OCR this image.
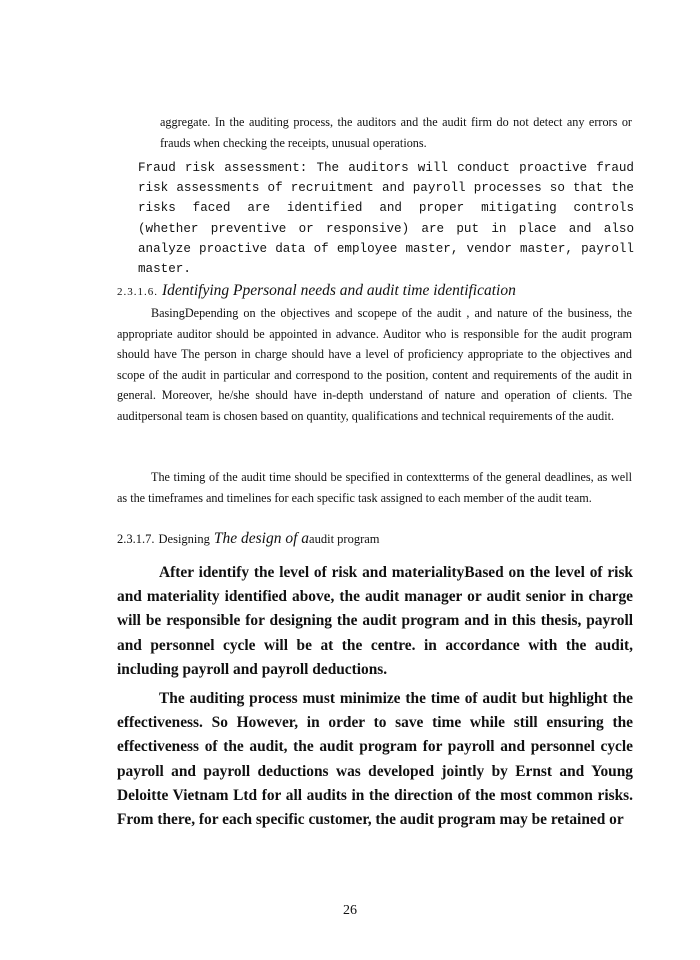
aggregate. In the auditing process, the auditors and the audit firm do not detect any errors or frauds when checking the receipts, unusual operations.

Fraud risk assessment: The auditors will conduct proactive fraud risk assessments of recruitment and payroll processes so that the risks faced are identified and proper mitigating controls (whether preventive or responsive) are put in place and also analyze proactive data of employee master, vendor master, payroll master.

2.3.1.6. Identifying Ppersonal needs and audit time identification

BasingDepending on the objectives and scopepe of the audit , and nature of the business, the appropriate auditor should be appointed in advance. Auditor who is responsible for the audit program should have The person in charge should have a level of proficiency appropriate to the objectives and scope of the audit in particular and correspond to the position, content and requirements of the audit in general. Moreover, he/she should have in-depth understand of nature and operation of clients. The auditpersonal team is chosen based on quantity, qualifications and technical requirements of the audit.

The timing of the audit time should be specified in contextterms of the general deadlines, as well as the timeframes and timelines for each specific task assigned to each member of the audit team.

2.3.1.7. Designing The design of aaudit program

After identify the level of risk and materialityBased on the level of risk and materiality identified above, the audit manager or audit senior in charge will be responsible for designing the audit program and in this thesis, payroll and personnel cycle will be at the centre. in accordance with the audit, including payroll and payroll deductions.

The auditing process must minimize the time of audit but highlight the effectiveness. So However, in order to save time while still ensuring the effectiveness of the audit, the audit program for payroll and personnel cycle payroll and payroll deductions was developed jointly by Ernst and Young Deloitte Vietnam Ltd for all audits in the direction of the most common risks. From there, for each specific customer, the audit program may be retained or

26
